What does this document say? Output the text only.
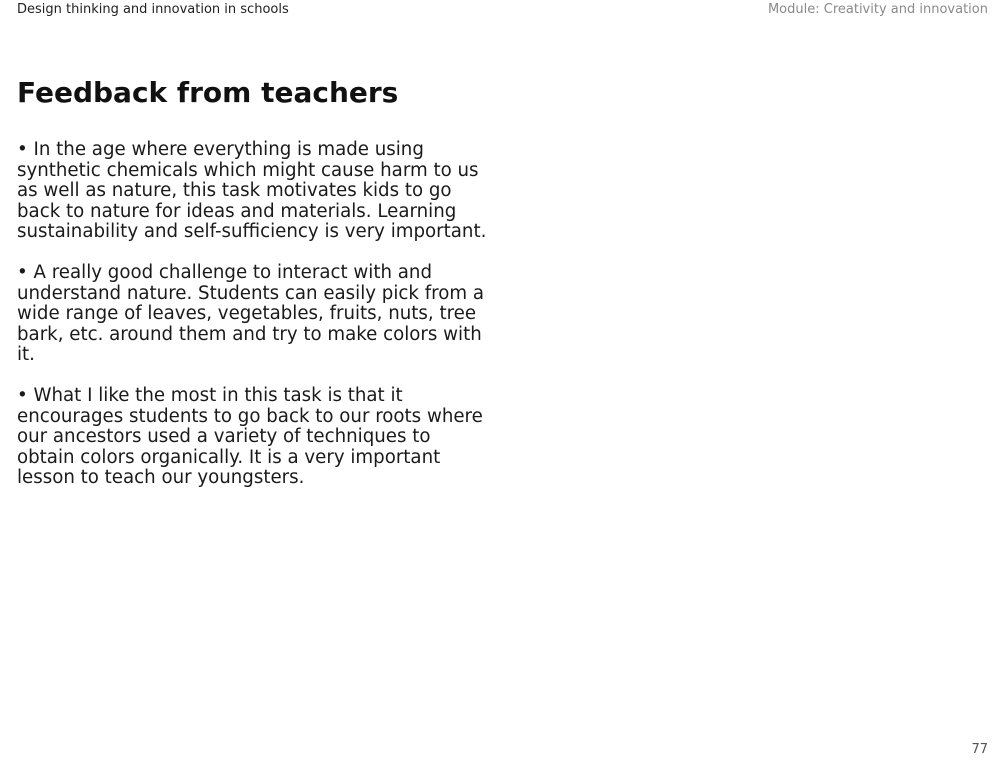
Design thinking and innovation in schools	Module: Creativity and innovation
Feedback from teachers

• In the age where everything is made using synthetic chemicals which might cause harm to us as well as nature, this task motivates kids to go back to nature for ideas and materials. Learning sustainability and self-sufficiency is very important.

• A really good challenge to interact with and understand nature. Students can easily pick from a wide range of leaves, vegetables, fruits, nuts, tree bark, etc. around them and try to make colors with it.

• What I like the most in this task is that it encourages students to go back to our roots where our ancestors used a variety of techniques to obtain colors organically. It is a very important lesson to teach our youngsters.

77
